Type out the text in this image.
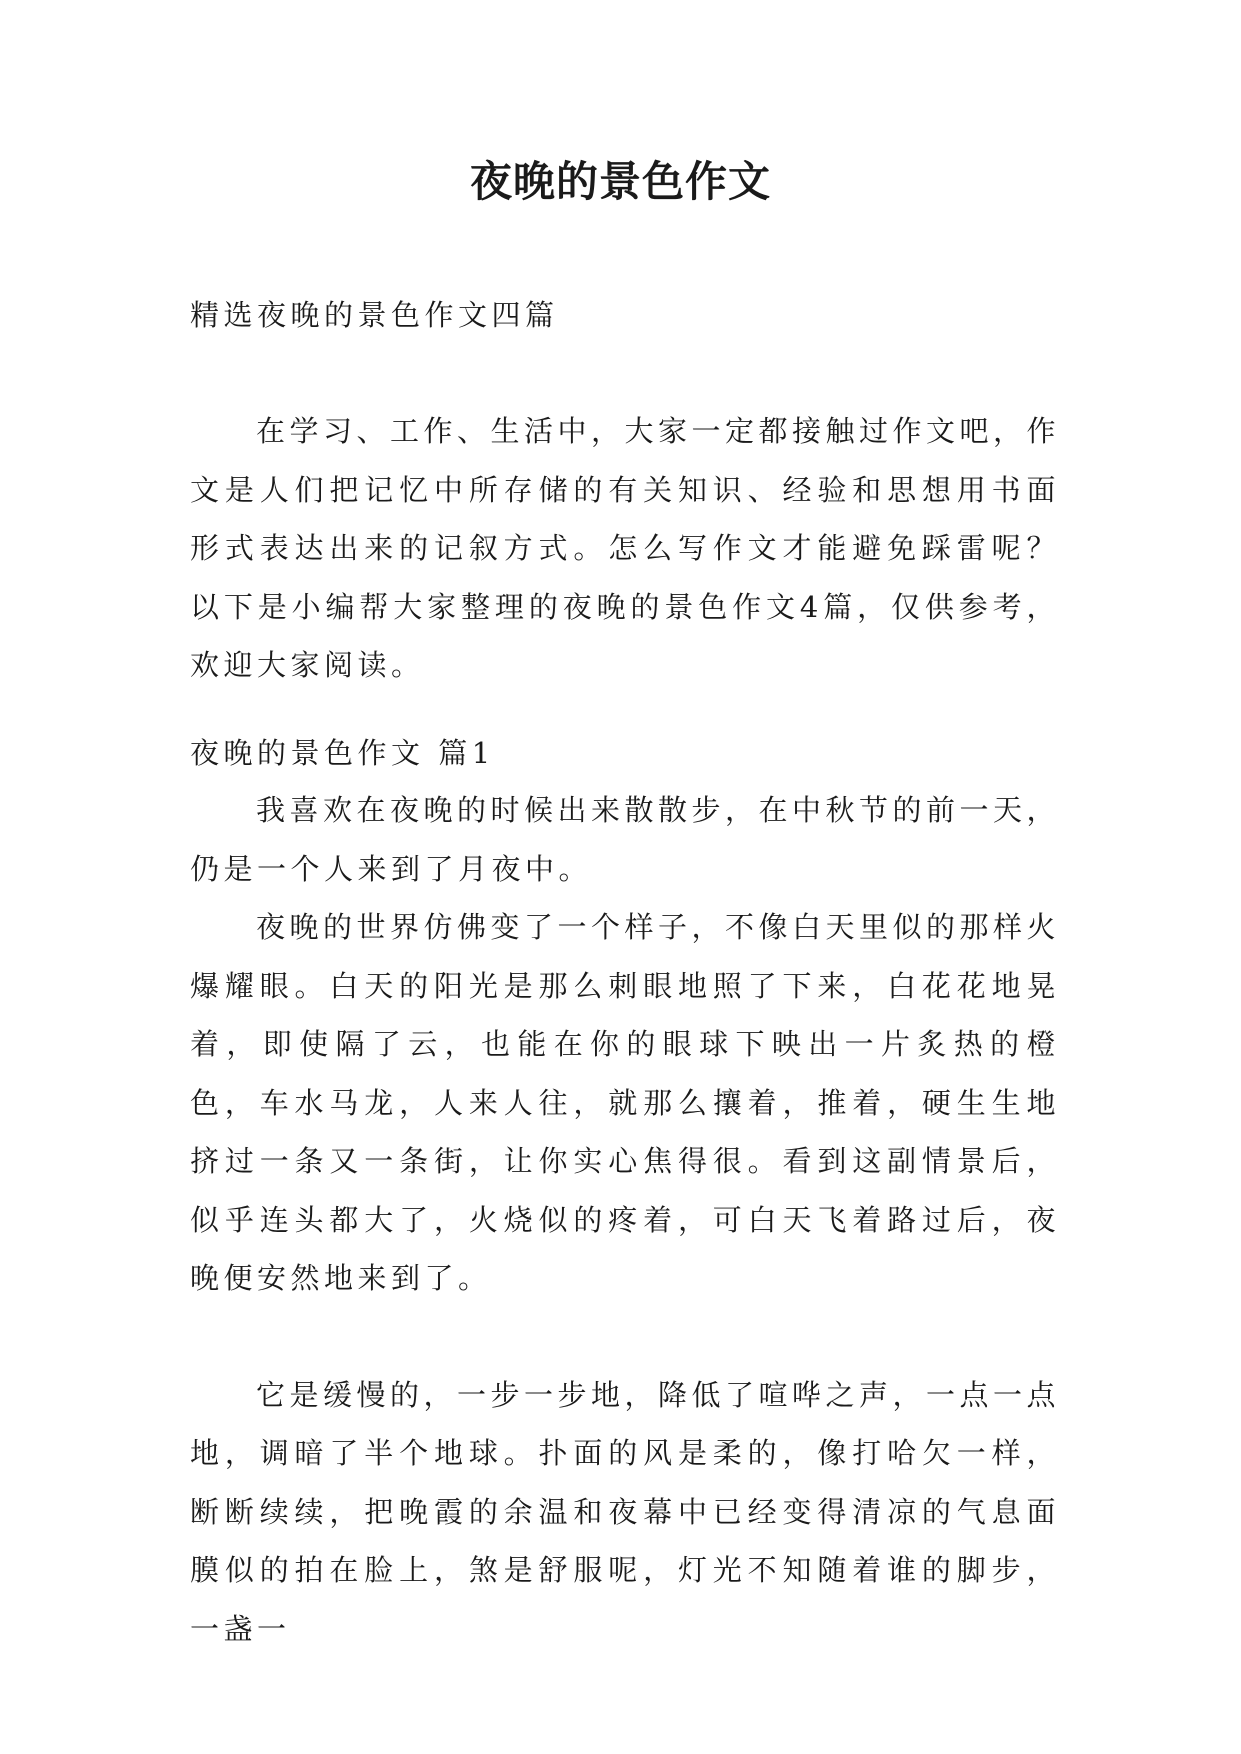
夜晚的景色作文

精选夜晚的景色作文四篇

在学习、工作、生活中，大家一定都接触过作文吧，作文是人们把记忆中所存储的有关知识、经验和思想用书面形式表达出来的记叙方式。怎么写作文才能避免踩雷呢？以下是小编帮大家整理的夜晚的景色作文4篇，仅供参考，欢迎大家阅读。

夜晚的景色作文 篇1

我喜欢在夜晚的时候出来散散步，在中秋节的前一天，仍是一个人来到了月夜中。

夜晚的世界仿佛变了一个样子，不像白天里似的那样火爆耀眼。白天的阳光是那么刺眼地照了下来，白花花地晃着，即使隔了云，也能在你的眼球下映出一片炙热的橙色，车水马龙，人来人往，就那么攘着，推着，硬生生地挤过一条又一条街，让你实心焦得很。看到这副情景后，似乎连头都大了，火烧似的疼着，可白天飞着路过后，夜晚便安然地来到了。

它是缓慢的，一步一步地，降低了喧哗之声，一点一点地，调暗了半个地球。扑面的风是柔的，像打哈欠一样，断断续续，把晚霞的余温和夜幕中已经变得清凉的气息面膜似的拍在脸上，煞是舒服呢，灯光不知随着谁的脚步，一盏一
